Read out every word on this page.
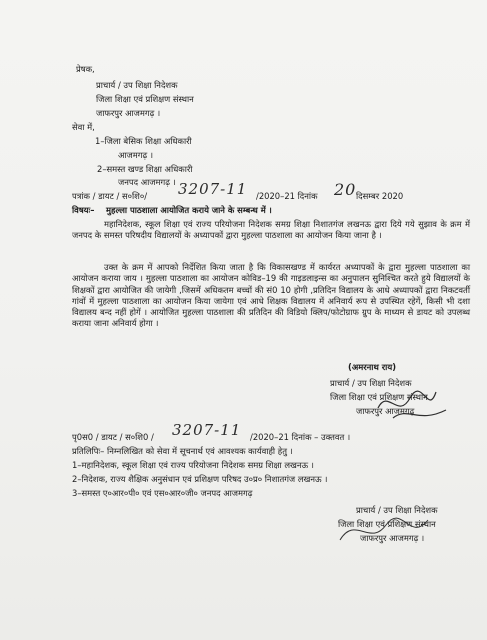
प्रेषक,
प्राचार्य / उप शिक्षा निदेशक
जिला शिक्षा एवं प्रशिक्षण संस्थान
जाफरपुर आजमगढ़ ।
सेवा में,
1–जिला बेसिक शिक्षा अधिकारी
आजमगढ़ ।
2–समस्त खण्ड शिक्षा अधिकारी
जनपद आजमगढ़ ।
पत्रांक / डायट / स०शि०/ 3207-11 /2020–21 दिनांक 20 दिसम्बर 2020
विषयः– मुहल्ला पाठशाला आयोजित कराये जाने के सम्बन्ध में ।
महानिदेशक, स्कूल शिक्षा एवं राज्य परियोजना निदेशक समग्र शिक्षा निशातगंज लखनऊ द्वारा दिये गये सुझाव के क्रम में जनपद के समस्त परिषदीय विद्यालयों के अध्यापकों द्वारा मुहल्ला पाठशाला का आयोजन किया जाना है ।
उक्त के क्रम में आपको निर्देशित किया जाता है कि विकासखण्ड में कार्यरत अध्यापकों के द्वारा मुहल्ला पाठशाला का आयोजन कराया जाय । मुहल्ला पाठशाला का आयोजन कोविड–19 की गाइडलाइन्स का अनुपालन सुनिश्चित करते हुये विद्यालयों के शिक्षकों द्वारा आयोजित की जायेगी ,जिसमें अधिकतम बच्चों की सं0 10 होगी ,प्रतिदिन विद्यालय के आधे अध्यापकों द्वारा निकटवर्ती गांवों में मुहल्ला पाठशाला का आयोजन किया जायेगा एवं आधे शिक्षक विद्यालय में अनिवार्य रूप से उपस्थित रहेगें, किसी भी दशा विद्यालय बन्द नहीं होगें । आयोजित मुहल्ला पाठशाला की प्रतिदिन की विडियो क्लिप/फोटोग्राफ ग्रुप के माध्यम से डायट को उपलब्ध कराया जाना अनिवार्य होगा ।
(अमरनाथ राय)
प्राचार्य / उप शिक्षा निदेशक
जिला शिक्षा एवं प्रशिक्षण संस्थान
जाफरपुर आजमगढ़
पृ0स0 / डायट / स०शि0 / 3207-11 /2020–21 दिनांक – उक्तवत ।
प्रतिलिपिः– निम्नलिखित को सेवा में सूचनार्थ एवं आवश्यक कार्यवाही हेतु ।
1–महानिदेशक, स्कूल शिक्षा एवं राज्य परियोजना निदेशक समग्र शिक्षा लखनऊ ।
2–निदेशक, राज्य शैक्षिक अनुसंधान एवं प्रशिक्षण परिषद उ०प्र० निशातगंज लखनऊ ।
3–समस्त ए०आर०पी० एवं एस०आर०जी० जनपद आजमगढ़
प्राचार्य / उप शिक्षा निदेशक
जिला शिक्षा एवं प्रशिक्षण संस्थान
जाफरपुर आजमगढ़ ।
